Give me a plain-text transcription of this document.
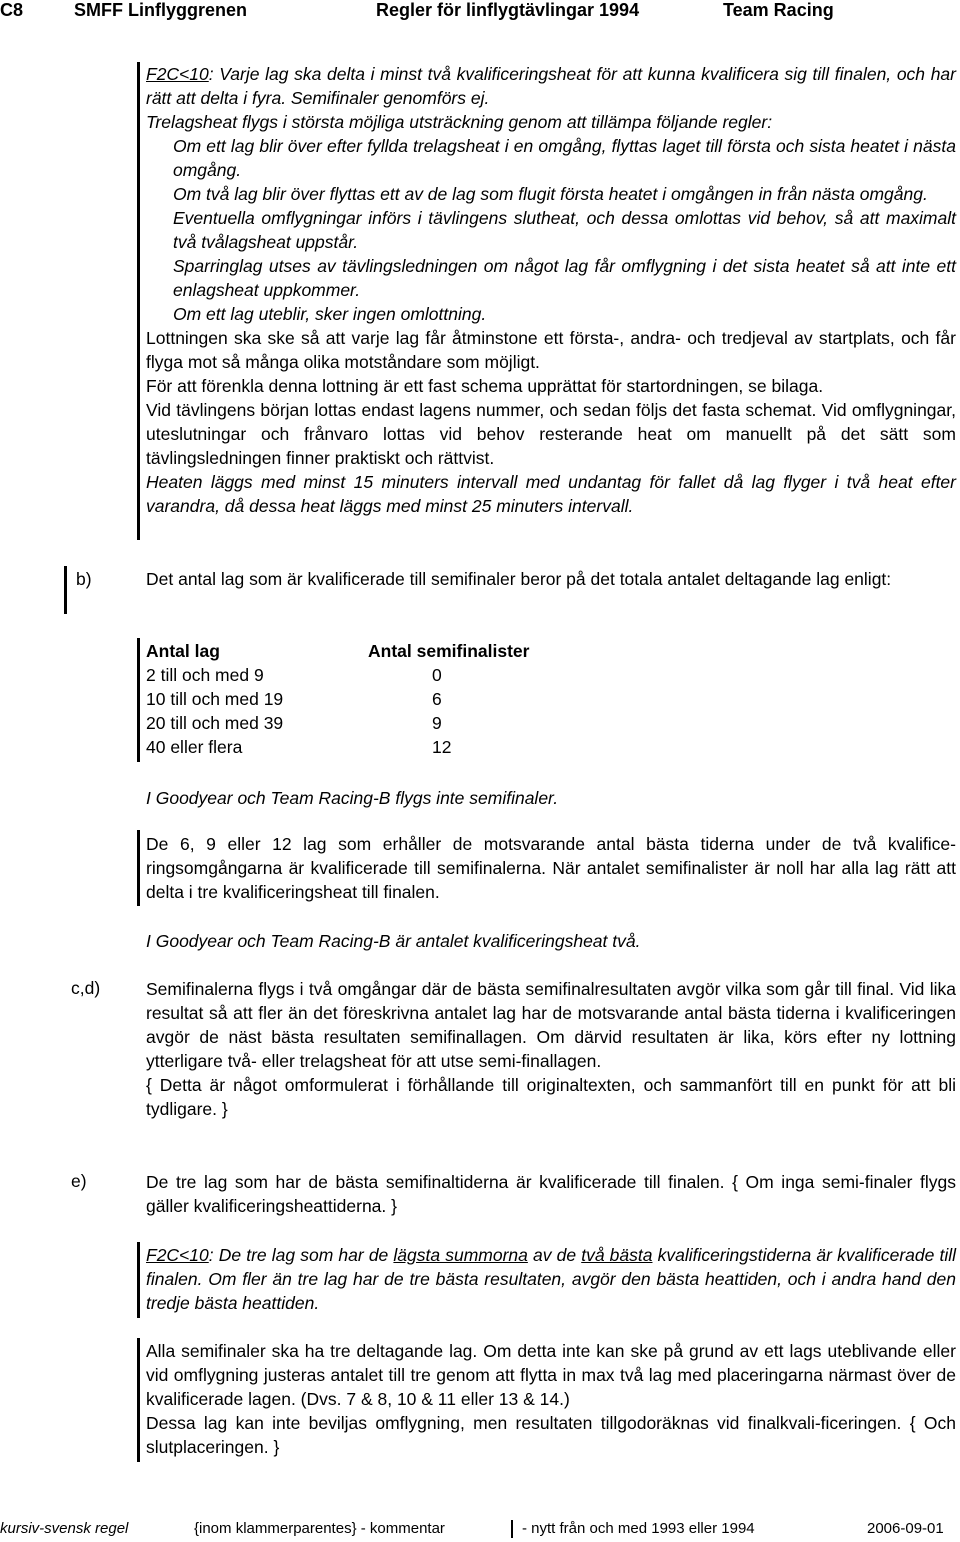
C8	SMFF Linflyggrenen	Regler för linflygtävlingar 1994	Team Racing

F2C<10: Varje lag ska delta i minst två kvalificeringsheat för att kunna kvalificera sig till finalen, och har rätt att delta i fyra. Semifinaler genomförs ej.

Trelagsheat flygs i största möjliga utsträckning genom att tillämpa följande regler:

Om ett lag blir över efter fyllda trelagsheat i en omgång, flyttas laget till första och sista heatet i nästa omgång.

Om två lag blir över flyttas ett av de lag som flugit första heatet i omgången in från nästa omgång.

Eventuella omflygningar införs i tävlingens slutheat, och dessa omlottas vid behov, så att maximalt två tvålagsheat uppstår.

Sparringlag utses av tävlingsledningen om något lag får omflygning i det sista heatet så att inte ett enlagsheat uppkommer.

Om ett lag uteblir, sker ingen omlottning.

Lottningen ska ske så att varje lag får åtminstone ett första-, andra- och tredjeval av startplats, och får flyga mot så många olika motståndare som möjligt.

För att förenkla denna lottning är ett fast schema upprättat för startordningen, se bilaga.

Vid tävlingens början lottas endast lagens nummer, och sedan följs det fasta schemat. Vid omflygningar, uteslutningar och frånvaro lottas vid behov resterande heat om manuellt på det sätt som tävlingsledningen finner praktiskt och rättvist.

Heaten läggs med minst 15 minuters intervall med undantag för fallet då lag flyger i två heat efter varandra, då dessa heat läggs med minst 25 minuters intervall.

b)	Det antal lag som är kvalificerade till semifinaler beror på det totala antalet deltagande lag enligt:

Antal lag	Antal semifinalister
2 till och med 9	0
10 till och med 19	6
20 till och med 39	9
40 eller flera	12

I Goodyear och Team Racing-B flygs inte semifinaler.

De 6, 9 eller 12 lag som erhåller de motsvarande antal bästa tiderna under de två kvalifice-ringsomgångarna är kvalificerade till semifinalerna. När antalet semifinalister är noll har alla lag rätt att delta i tre kvalificeringsheat till finalen.

I Goodyear och Team Racing-B är antalet kvalificeringsheat två.

c,d)	Semifinalerna flygs i två omgångar där de bästa semifinalresultaten avgör vilka som går till final. Vid lika resultat så att fler än det föreskrivna antalet lag har de motsvarande antal bästa tiderna i kvalificeringen avgör de näst bästa resultaten semifinallagen. Om därvid resultaten är lika, körs efter ny lottning ytterligare två- eller trelagsheat för att utse semi-finallagen.

{ Detta är något omformulerat i förhållande till originaltexten, och sammanfört till en punkt för att bli tydligare. }

e)	De tre lag som har de bästa semifinaltiderna är kvalificerade till finalen. { Om inga semi-finaler flygs gäller kvalificeringsheattiderna. }

F2C<10: De tre lag som har de lägsta summorna av de två bästa kvalificeringstiderna är kvalificerade till finalen. Om fler än tre lag har de tre bästa resultaten, avgör den bästa heattiden, och i andra hand den tredje bästa heattiden.

Alla semifinaler ska ha tre deltagande lag. Om detta inte kan ske på grund av ett lags uteblivande eller vid omflygning justeras antalet till tre genom att flytta in max två lag med placeringarna närmast över de kvalificerade lagen. (Dvs. 7 & 8, 10 & 11 eller 13 & 14.)

Dessa lag kan inte beviljas omflygning, men resultaten tillgodoräknas vid finalkvali-ficeringen. { Och slutplaceringen. }

kursiv-svensk regel	{inom klammerparentes} - kommentar	- nytt från och med 1993 eller 1994	2006-09-01
